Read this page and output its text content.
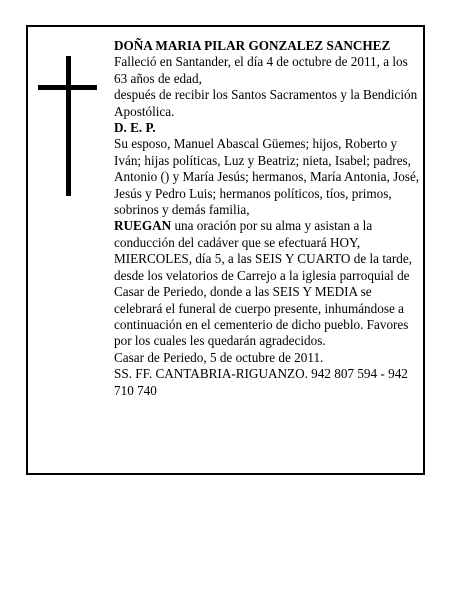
DOÑA MARIA PILAR GONZALEZ SANCHEZ

Falleció en Santander, el día 4 de octubre de 2011, a los 63 años de edad,

después de recibir los Santos Sacramentos y la Bendición Apostólica.

D. E. P.

Su esposo, Manuel Abascal Güemes; hijos, Roberto y Iván; hijas políticas, Luz y Beatriz; nieta, Isabel; padres, Antonio () y María Jesús; hermanos, María Antonia, José, Jesús y Pedro Luis; hermanos políticos, tíos, primos, sobrinos y demás familia,

RUEGAN una oración por su alma y asistan a la conducción del cadáver que se efectuará HOY, MIERCOLES, día 5, a las SEIS Y CUARTO de la tarde, desde los velatorios de Carrejo a la iglesia parroquial de Casar de Periedo, donde a las SEIS Y MEDIA se celebrará el funeral de cuerpo presente, inhumándose a continuación en el cementerio de dicho pueblo. Favores por los cuales les quedarán agradecidos.

Casar de Periedo, 5 de octubre de 2011.

SS. FF. CANTABRIA-RIGUANZO. 942 807 594 - 942 710 740
